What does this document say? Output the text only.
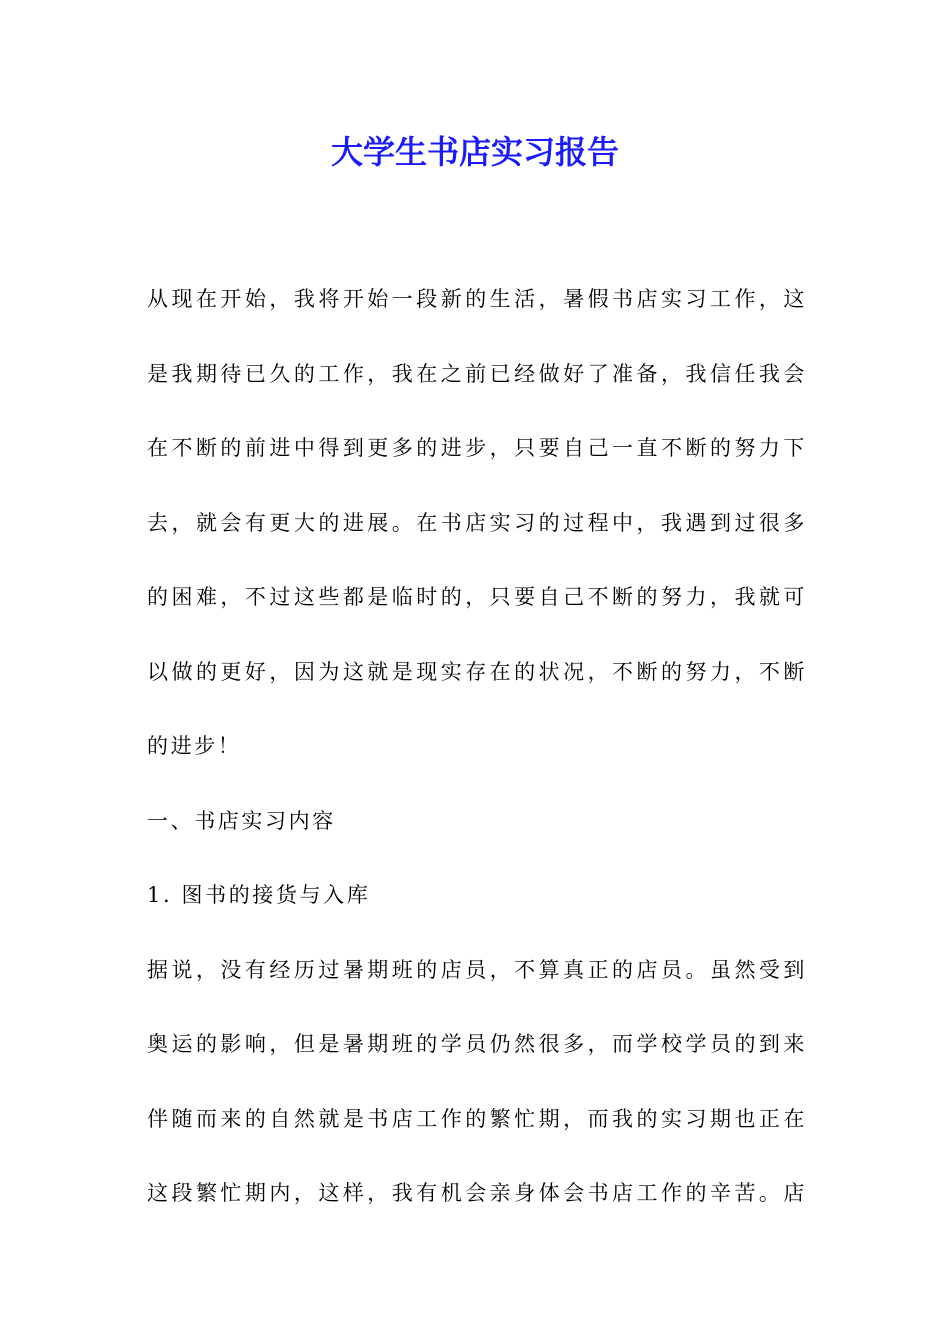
大学生书店实习报告
从现在开始，我将开始一段新的生活，暑假书店实习工作，这
是我期待已久的工作，我在之前已经做好了准备，我信任我会
在不断的前进中得到更多的进步，只要自己一直不断的努力下
去，就会有更大的进展。在书店实习的过程中，我遇到过很多
的困难，不过这些都是临时的，只要自己不断的努力，我就可
以做的更好，因为这就是现实存在的状况，不断的努力，不断
的进步！
一、书店实习内容
1. 图书的接货与入库
据说，没有经历过暑期班的店员，不算真正的店员。虽然受到
奥运的影响，但是暑期班的学员仍然很多，而学校学员的到来
伴随而来的自然就是书店工作的繁忙期，而我的实习期也正在
这段繁忙期内，这样，我有机会亲身体会书店工作的辛苦。店
